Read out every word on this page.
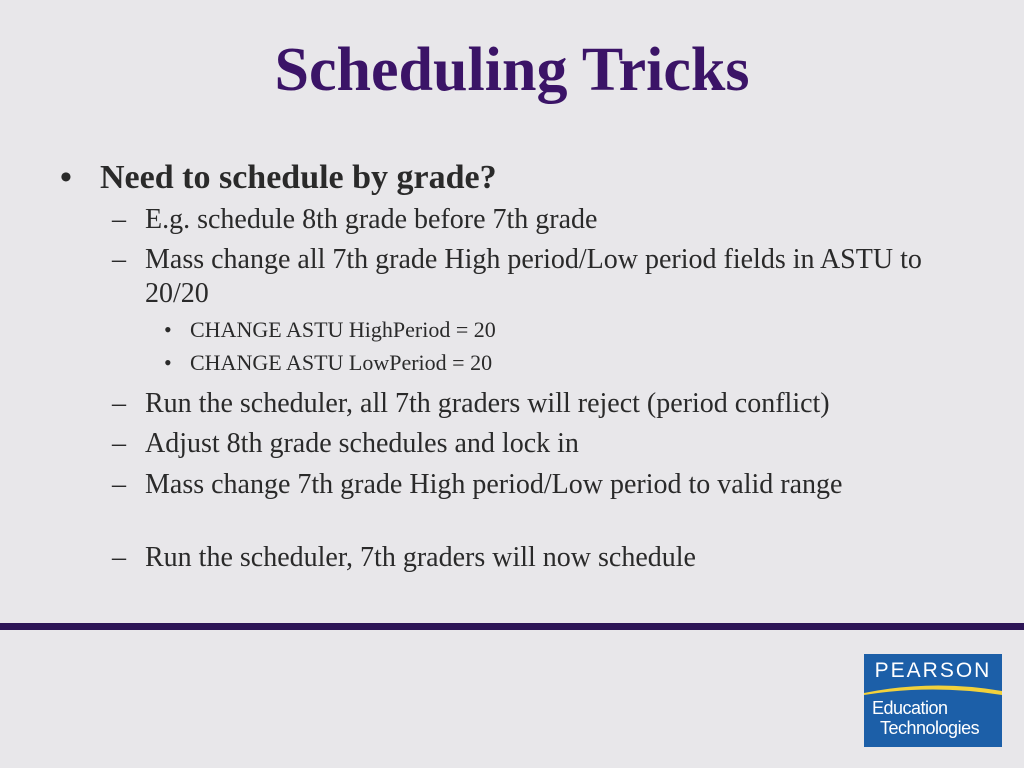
Scheduling Tricks
• Need to schedule by grade?
– E.g. schedule 8th grade before 7th grade
– Mass change all 7th grade High period/Low period fields in ASTU to 20/20
• CHANGE ASTU HighPeriod = 20
• CHANGE ASTU LowPeriod = 20
– Run the scheduler, all 7th graders will reject (period conflict)
– Adjust 8th grade schedules and lock in
– Mass change 7th grade High period/Low period to valid range
– Run the scheduler, 7th graders will now schedule
PEARSON
Education
Technologies
